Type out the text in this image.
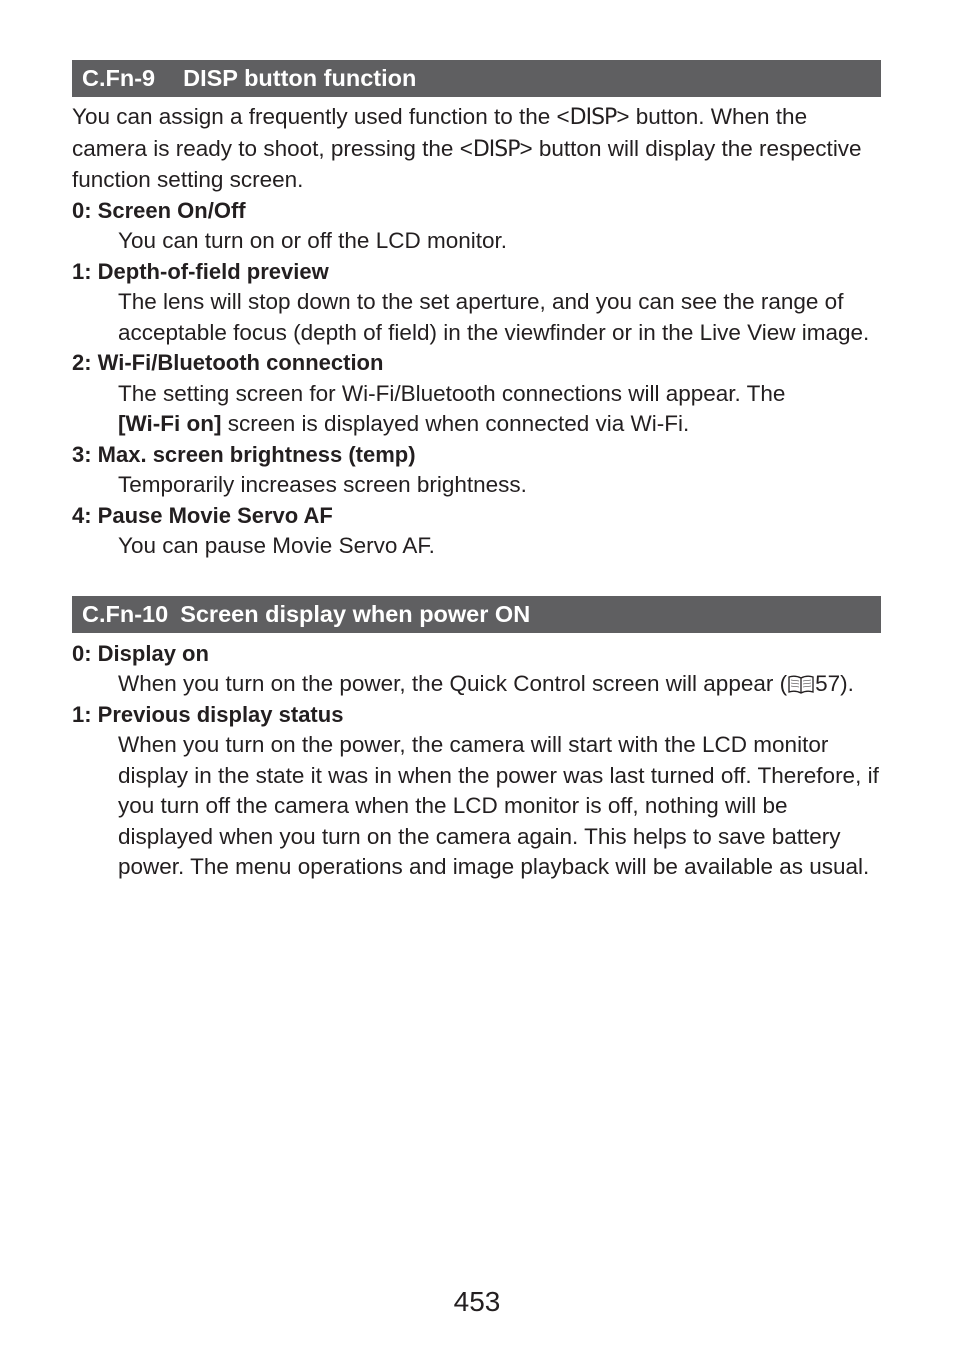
C.Fn-9 DISP button function

You can assign a frequently used function to the <DISP> button. When the camera is ready to shoot, pressing the <DISP> button will display the respective function setting screen.

0: Screen On/Off

You can turn on or off the LCD monitor.

1: Depth-of-field preview

The lens will stop down to the set aperture, and you can see the range of acceptable focus (depth of field) in the viewfinder or in the Live View image.

2: Wi-Fi/Bluetooth connection

The setting screen for Wi-Fi/Bluetooth connections will appear. The
[Wi-Fi on] screen is displayed when connected via Wi-Fi.

3: Max. screen brightness (temp)

Temporarily increases screen brightness.

4: Pause Movie Servo AF

You can pause Movie Servo AF.

C.Fn-10 Screen display when power ON

0: Display on

When you turn on the power, the Quick Control screen will appear ( 57).

1: Previous display status

When you turn on the power, the camera will start with the LCD monitor display in the state it was in when the power was last turned off. Therefore, if you turn off the camera when the LCD monitor is off, nothing will be displayed when you turn on the camera again. This helps to save battery power. The menu operations and image playback will be available as usual.

453
